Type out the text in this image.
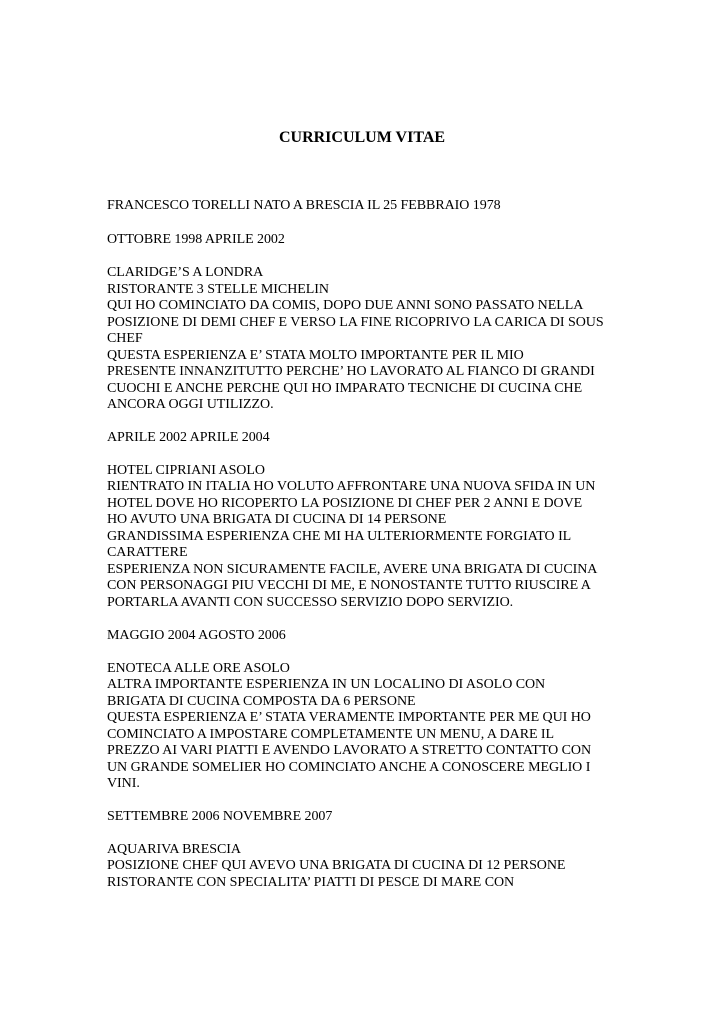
CURRICULUM VITAE
FRANCESCO TORELLI NATO A BRESCIA IL 25 FEBBRAIO 1978
OTTOBRE 1998 APRILE 2002
CLARIDGE’S A LONDRA
RISTORANTE 3 STELLE MICHELIN
QUI HO COMINCIATO DA COMIS, DOPO DUE ANNI SONO PASSATO NELLA
POSIZIONE DI DEMI CHEF E VERSO LA FINE RICOPRIVO LA CARICA DI SOUS
CHEF
QUESTA ESPERIENZA E’ STATA MOLTO IMPORTANTE PER IL MIO
PRESENTE INNANZITUTTO PERCHE’ HO LAVORATO AL FIANCO DI GRANDI
CUOCHI E ANCHE PERCHE QUI HO IMPARATO TECNICHE DI CUCINA CHE
ANCORA OGGI UTILIZZO.
APRILE 2002 APRILE 2004
HOTEL CIPRIANI ASOLO
RIENTRATO IN ITALIA HO VOLUTO AFFRONTARE UNA NUOVA SFIDA IN UN
HOTEL DOVE HO RICOPERTO LA POSIZIONE DI CHEF PER 2 ANNI E DOVE
HO AVUTO UNA BRIGATA DI CUCINA DI 14 PERSONE
GRANDISSIMA ESPERIENZA CHE MI HA ULTERIORMENTE FORGIATO IL
CARATTERE
ESPERIENZA NON SICURAMENTE FACILE, AVERE UNA BRIGATA DI CUCINA
CON PERSONAGGI PIU VECCHI DI ME, E NONOSTANTE TUTTO RIUSCIRE A
PORTARLA AVANTI CON SUCCESSO SERVIZIO DOPO SERVIZIO.
MAGGIO 2004 AGOSTO 2006
ENOTECA ALLE ORE ASOLO
ALTRA IMPORTANTE ESPERIENZA IN UN LOCALINO DI ASOLO CON
BRIGATA DI CUCINA COMPOSTA DA 6 PERSONE
QUESTA ESPERIENZA E’ STATA VERAMENTE IMPORTANTE PER ME QUI HO
COMINCIATO A IMPOSTARE COMPLETAMENTE UN MENU, A DARE IL
PREZZO AI VARI PIATTI E AVENDO LAVORATO A STRETTO CONTATTO CON
UN GRANDE SOMELIER HO COMINCIATO ANCHE A CONOSCERE MEGLIO I
VINI.
SETTEMBRE 2006 NOVEMBRE 2007
AQUARIVA BRESCIA
POSIZIONE CHEF QUI AVEVO UNA BRIGATA DI CUCINA DI 12 PERSONE
RISTORANTE CON SPECIALITA’ PIATTI DI PESCE DI MARE CON
